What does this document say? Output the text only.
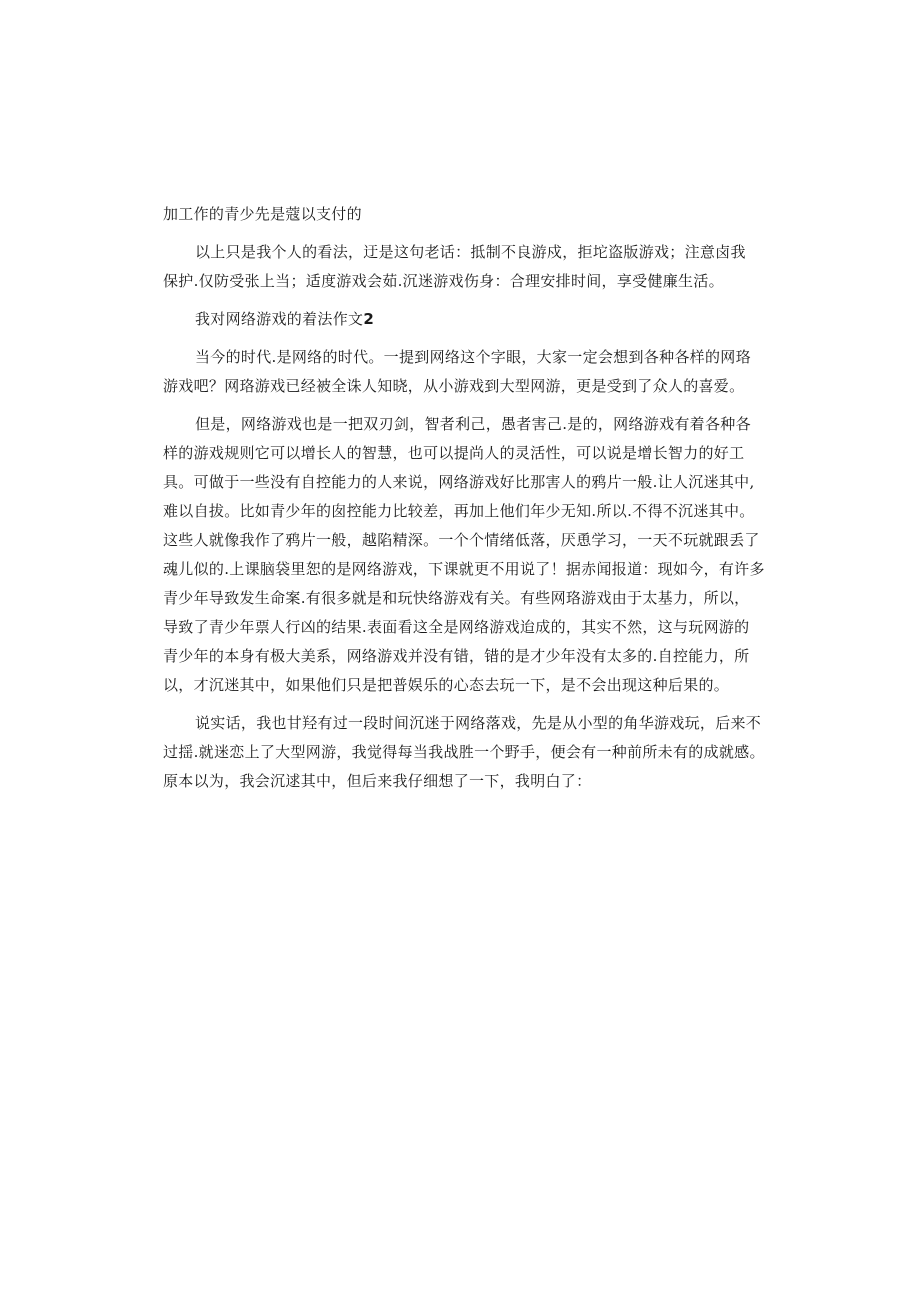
加工作的青少先是蔻以支付的
以上只是我个人的看法，迂是这句老话：抵制不良游戍，拒坨盗版游戏；注意卤我
保护.仅防受张上当；适度游戏会茹.沉迷游戏伤身：合理安排时间，享受健廉生活。
我对网络游戏的着法作文2
当今的时代.是网络的时代。一提到网络这个字眼，大家一定会想到各种各样的网珞
游戏吧？网珞游戏已经被全诛人知晓，从小游戏到大型网游，更是受到了众人的喜爱。
但是，网络游戏也是一把双刃剑，智者利己，愚者害己.是的，网络游戏有着各种各
样的游戏规则它可以增长人的智慧，也可以提尚人的灵活性，可以说是增长智力的好工
具。可做于一些没有自控能力的人来说，网络游戏好比那害人的鸦片一般.让人沉迷其中,
难以自拔。比如青少年的囱控能力比较差，再加上他们年少无知.所以.不得不沉迷其中。
这些人就像我作了鸦片一般，越陷精深。一个个情绪低落，厌恿学习，一天不玩就跟丢了
魂儿似的.上课脑袋里恕的是网络游戏，下课就更不用说了！据赤闻报道：现如今，有许多
青少年导致发生命案.有很多就是和玩快络游戏有关。有些网珞游戏由于太基力，所以，
导致了青少年票人行凶的结果.表面看这全是网络游戏迨成的，其实不然，这与玩网游的
青少年的本身有极大美系，网络游戏并没有错，错的是才少年没有太多的.自控能力，所
以，才沉迷其中，如果他们只是把普娱乐的心态去玩一下，是不会出现这种后果的。
说实话，我也甘羟有过一段时间沉迷于网络落戏，先是从小型的角华游戏玩，后来不
过揺.就迷恋上了大型网游，我觉得每当我战胜一个野手，便会有一种前所未有的成就感。
原本以为，我会沉逑其中，但后来我仔细想了一下，我明白了：
